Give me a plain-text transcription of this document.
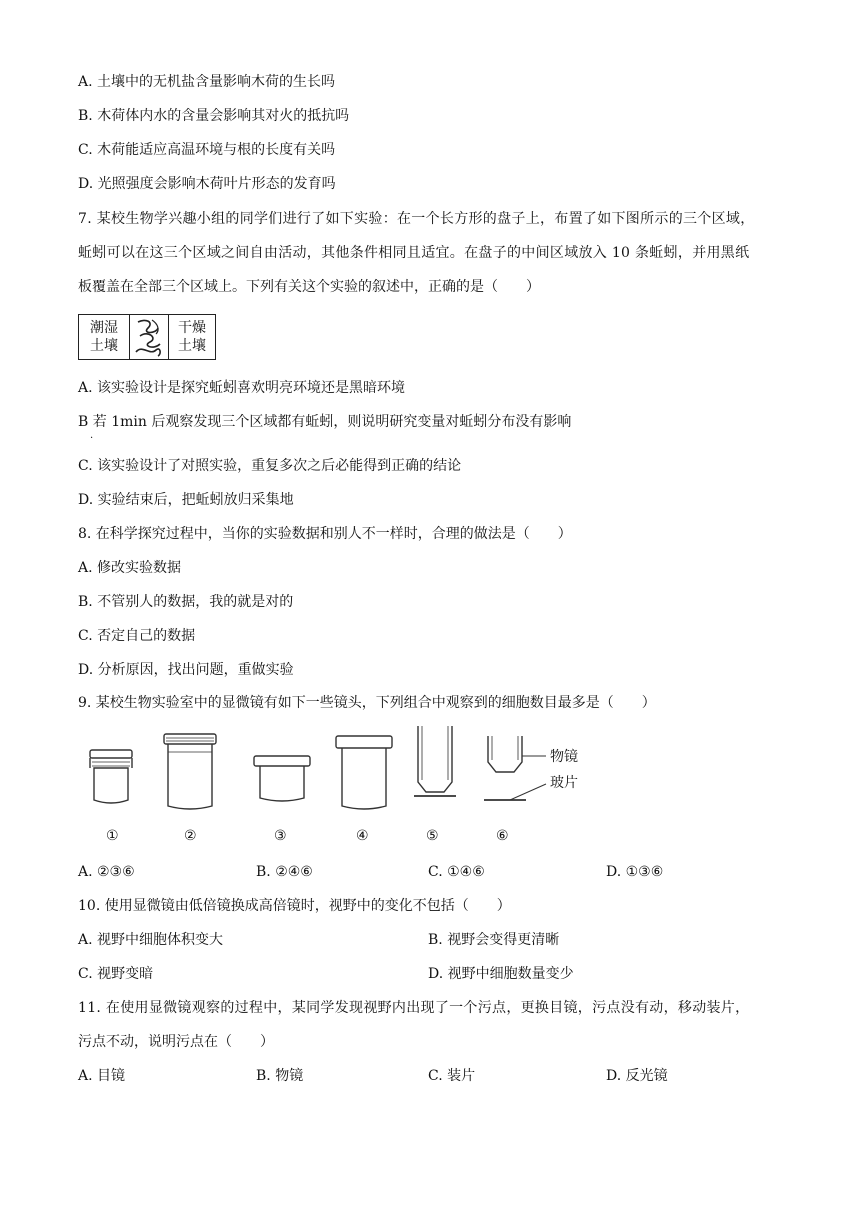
A. 土壤中的无机盐含量影响木荷的生长吗
B. 木荷体内水的含量会影响其对火的抵抗吗
C. 木荷能适应高温环境与根的长度有关吗
D. 光照强度会影响木荷叶片形态的发育吗
7. 某校生物学兴趣小组的同学们进行了如下实验：在一个长方形的盘子上，布置了如下图所示的三个区域，
蚯蚓可以在这三个区域之间自由活动，其他条件相同且适宜。在盘子的中间区域放入 10 条蚯蚓，并用黑纸
板覆盖在全部三个区域上。下列有关这个实验的叙述中，正确的是（　　）
潮湿
土壤
干燥
土壤
A. 该实验设计是探究蚯蚓喜欢明亮环境还是黑暗环境
B 若 1min 后观察发现三个区域都有蚯蚓，则说明研究变量对蚯蚓分布没有影响
.
C. 该实验设计了对照实验，重复多次之后必能得到正确的结论
D. 实验结束后，把蚯蚓放归采集地
8. 在科学探究过程中，当你的实验数据和别人不一样时，合理的做法是（　　）
A. 修改实验数据
B. 不管别人的数据，我的就是对的
C. 否定自己的数据
D. 分析原因，找出问题，重做实验
9. 某校生物实验室中的显微镜有如下一些镜头，下列组合中观察到的细胞数目最多是（　　）
物镜
玻片
①	②	③	④	⑤	⑥
A. ②③⑥	B. ②④⑥	C. ①④⑥	D. ①③⑥
10. 使用显微镜由低倍镜换成高倍镜时，视野中的变化不包括（　　）
A. 视野中细胞体积变大	B. 视野会变得更清晰
C. 视野变暗	D. 视野中细胞数量变少
11. 在使用显微镜观察的过程中，某同学发现视野内出现了一个污点，更换目镜，污点没有动，移动装片，
污点不动，说明污点在（　　）
A. 目镜	B. 物镜	C. 装片	D. 反光镜
